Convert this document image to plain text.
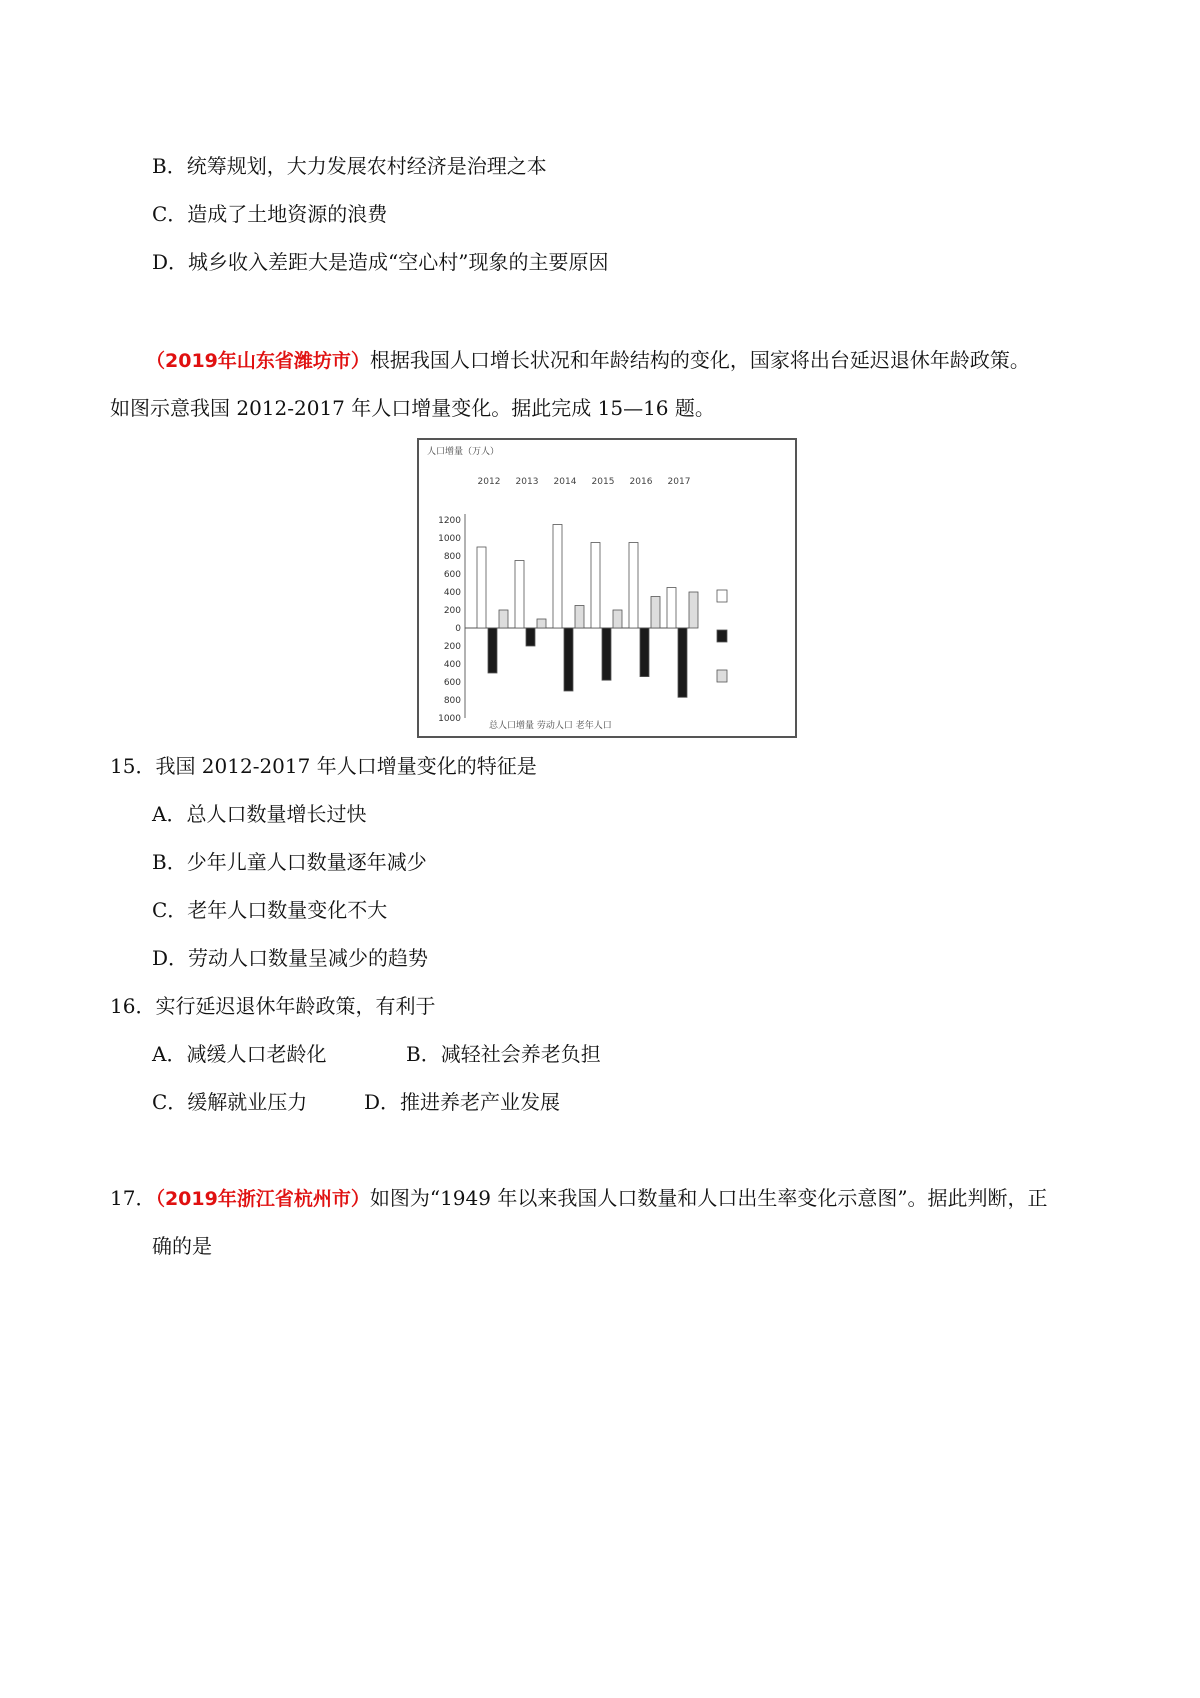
B．统筹规划，大力发展农村经济是治理之本
C．造成了土地资源的浪费
D．城乡收入差距大是造成“空心村”现象的主要原因
（2019年山东省潍坊市）根据我国人口增长状况和年龄结构的变化，国家将出台延迟退休年龄政策。
如图示意我国 2012-2017 年人口增量变化。据此完成 15—16 题。
人口增量（万人）
2012 2013 2014 2015 2016 2017
1200
1000
800
600
400
200
0
200
400
600
800
1000
总人口增量 劳动人口 老年人口
15．我国 2012-2017 年人口增量变化的特征是
A．总人口数量增长过快
B．少年儿童人口数量逐年减少
C．老年人口数量变化不大
D．劳动人口数量呈减少的趋势
16．实行延迟退休年龄政策，有利于
A．减缓人口老龄化	B．减轻社会养老负担
C．缓解就业压力	D．推进养老产业发展
17．（2019年浙江省杭州市）如图为“1949 年以来我国人口数量和人口出生率变化示意图”。据此判断，正
确的是
